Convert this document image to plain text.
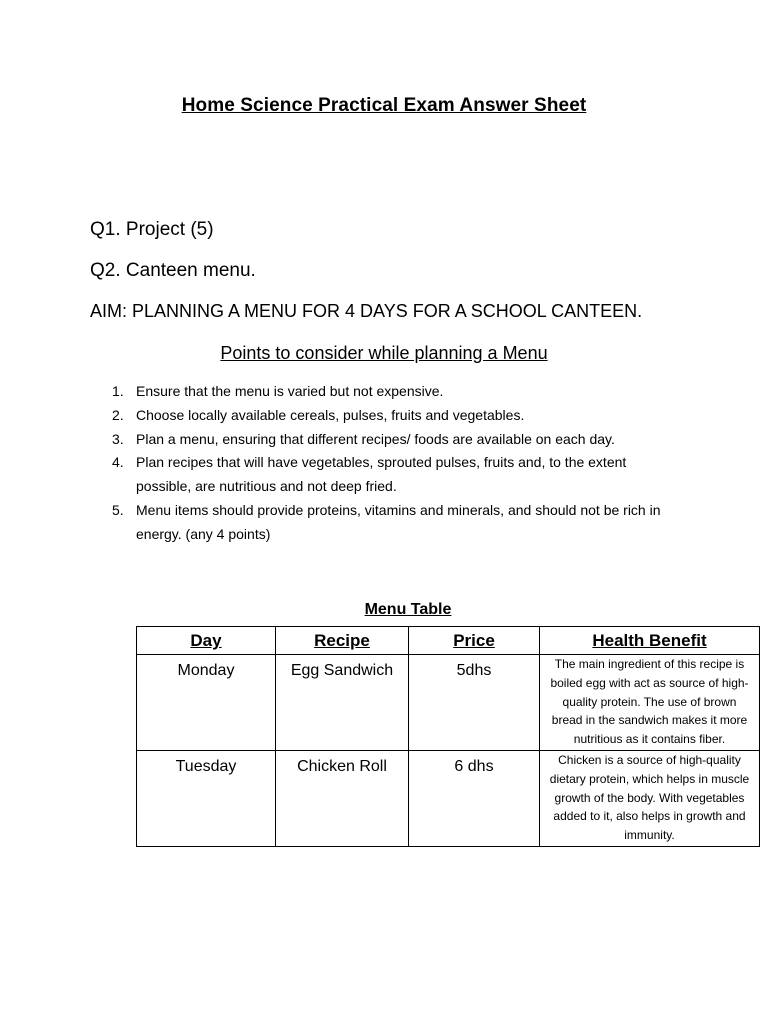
Home Science Practical Exam Answer Sheet
Q1. Project (5)
Q2. Canteen menu.
AIM: PLANNING A MENU FOR 4 DAYS FOR A SCHOOL CANTEEN.
Points to consider while planning a Menu
1. Ensure that the menu is varied but not expensive.
2. Choose locally available cereals, pulses, fruits and vegetables.
3. Plan a menu, ensuring that different recipes/ foods are available on each day.
4. Plan recipes that will have vegetables, sprouted pulses, fruits and, to the extent possible, are nutritious and not deep fried.
5. Menu items should provide proteins, vitamins and minerals, and should not be rich in energy. (any 4 points)
Menu Table
Day	Recipe	Price	Health Benefit
Monday	Egg Sandwich	5dhs	The main ingredient of this recipe is boiled egg with act as source of high-quality protein. The use of brown bread in the sandwich makes it more nutritious as it contains fiber.
Tuesday	Chicken Roll	6 dhs	Chicken is a source of high-quality dietary protein, which helps in muscle growth of the body. With vegetables added to it, also helps in growth and immunity.
